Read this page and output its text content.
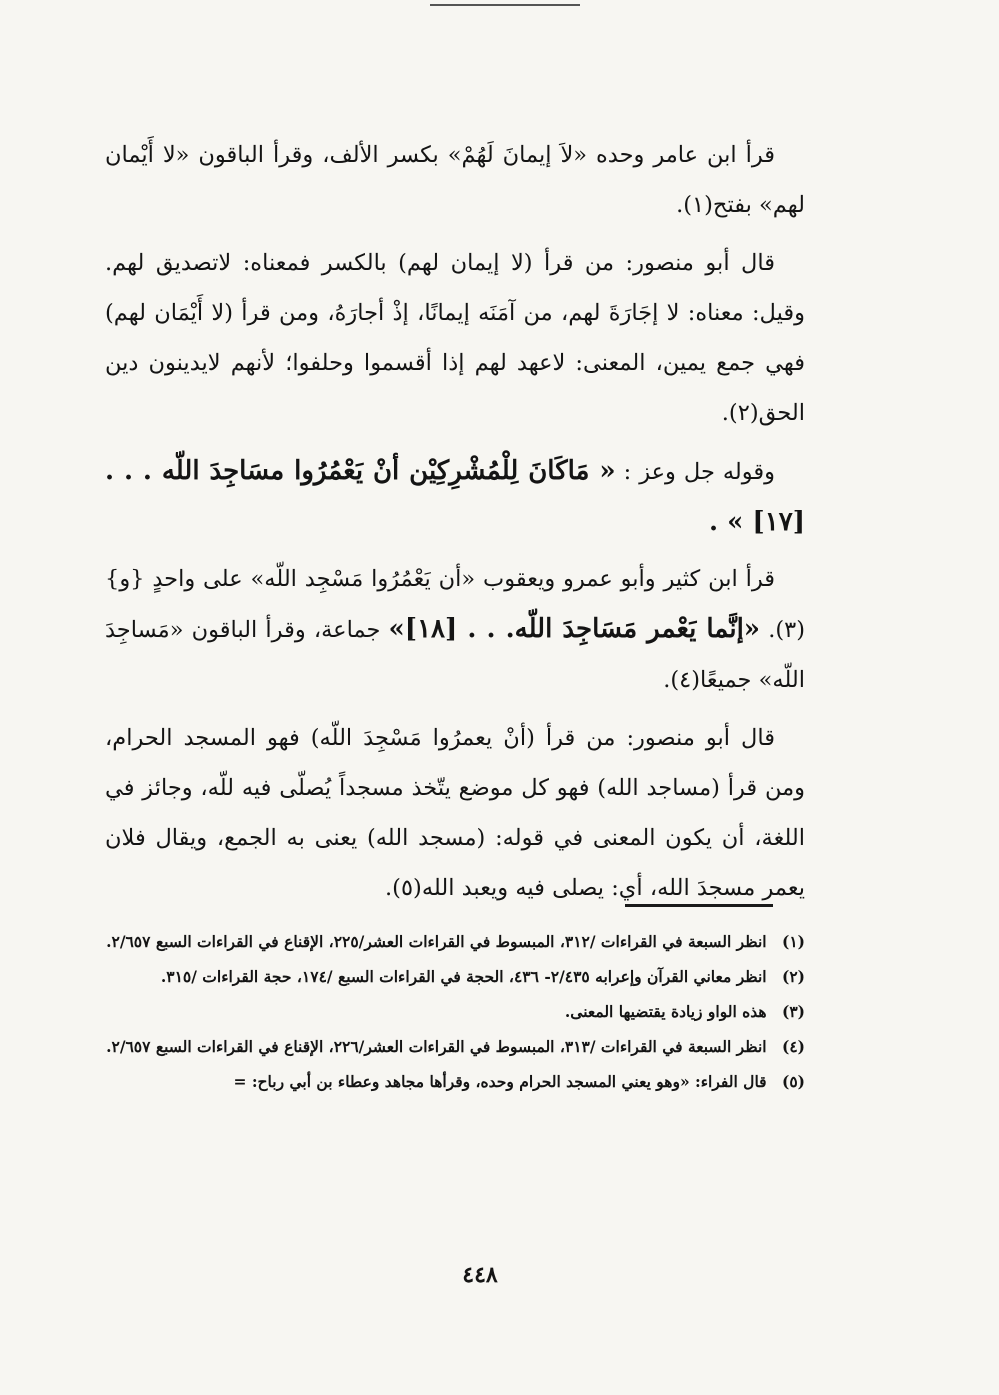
قرأ ابن عامر وحده «لاَ إيمانَ لَهُمْ» بكسر الألف، وقرأ الباقون «لا أَيْمان لهم» بفتح(١).

قال أبو منصور: من قرأ (لا إيمان لهم) بالكسر فمعناه: لاتصديق لهم. وقيل: معناه: لا إجَارَةَ لهم، من آمَنَه إيمانًا، إذْ أجارَهُ، ومن قرأ (لا أَيْمَان لهم) فهي جمع يمين، المعنى: لاعهد لهم إذا أقسموا وحلفوا؛ لأنهم لايدينون دين الحق(٢).

وقوله جل وعز : « مَاكَانَ لِلْمُشْرِكِيْن أنْ يَعْمُرُوا مسَاجِدَ اللّه . . . [١٧] » .

قرأ ابن كثير وأبو عمرو ويعقوب «أن يَعْمُرُوا مَسْجِد اللّه» على واحدٍ {و}(٣). «إنَّما يَعْمر مَسَاجِدَ اللّه. . . [١٨]» جماعة، وقرأ الباقون «مَساجِدَ اللّه» جميعًا(٤).

قال أبو منصور: من قرأ (أنْ يعمرُوا مَسْجِدَ اللّه) فهو المسجد الحرام، ومن قرأ (مساجد الله) فهو كل موضع يتّخذ مسجداً يُصلّى فيه للّه، وجائز في اللغة، أن يكون المعنى في قوله: (مسجد الله) يعنى به الجمع، ويقال فلان يعمر مسجدَ الله، أي: يصلى فيه ويعبد الله(٥).

(١) انظر السبعة في القراءات /٣١٢، المبسوط في القراءات العشر/٢٢٥، الإقناع في القراءات السبع ٢/٦٥٧.

(٢) انظر معاني القرآن وإعرابه ٢/٤٣٥- ٤٣٦، الحجة في القراءات السبع /١٧٤، حجة القراءات /٣١٥.

(٣) هذه الواو زيادة يقتضيها المعنى.

(٤) انظر السبعة في القراءات /٣١٣، المبسوط في القراءات العشر/٢٢٦، الإقناع في القراءات السبع ٢/٦٥٧.

(٥) قال الفراء: «وهو يعني المسجد الحرام وحده، وقرأها مجاهد وعطاء بن أبي رباح: =

٤٤٨
